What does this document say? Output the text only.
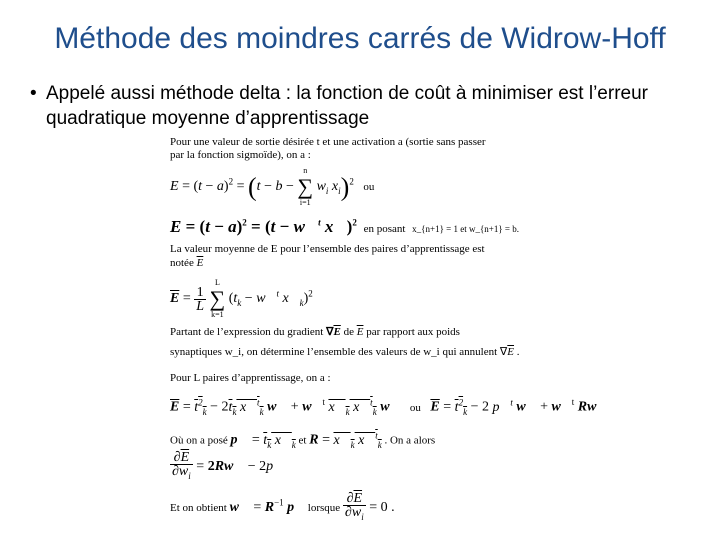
Méthode des moindres carrés de Widrow-Hoff
• Appelé aussi méthode delta : la fonction de coût à minimiser est l’erreur quadratique moyenne d’apprentissage
Pour une valeur de sortie désirée t et une activation a (sortie sans passer
par la fonction sigmoïde), on a :
$E = (t - a)^2 = (t - b$ −
n
∑
i=1
$w_i$ $x_i)^2$ ou
$E = (t - a)^2 = (t$ − w⃗$^t$ x⃗)$^2$ en posant x_{n+1} = 1 et w_{n+1} = b.
La valeur moyenne de E pour l’ensemble des paires d’apprentissage est
notée $\overline{E}$
$\overline{E} = \frac{1}{L}$

L
∑
k=1
($t_k$ − w⃗$^t$ $x⃗_k)^2$
Partant de l’expression du gradient $\nabla\overline{E}$ de $\overline{E}$ par rapport aux poids
synaptiques w_i, on détermine l’ensemble des valeurs de w_i qui annulent $\nabla\overline{E}$ .
Pour L paires d’apprentissage, on a :
$\overline{E} = t^2_k - 2t_k$ x⃗$^t_k$ w⃗ + w⃗$^t$ $x⃗_k$ x⃗$^t_k$ w⃗ ou $\overline{E} = t^2_k - 2$ p⃗$^t$ w⃗ + w⃗$^t$ Rw⃗
Où on a posé p⃗ = $t_k$ $x⃗_k$ et $R = x⃗_k$ x⃗$^t_k$ . On a alors
$\frac{\partial\overline{E}}{\partial w_i}$ = 2Rw⃗ − 2p⃗
Et on obtient w⃗ = $R^{-1}$ p⃗ lorsque $\frac{\partial\overline{E}}{\partial w_i} = 0$ .
